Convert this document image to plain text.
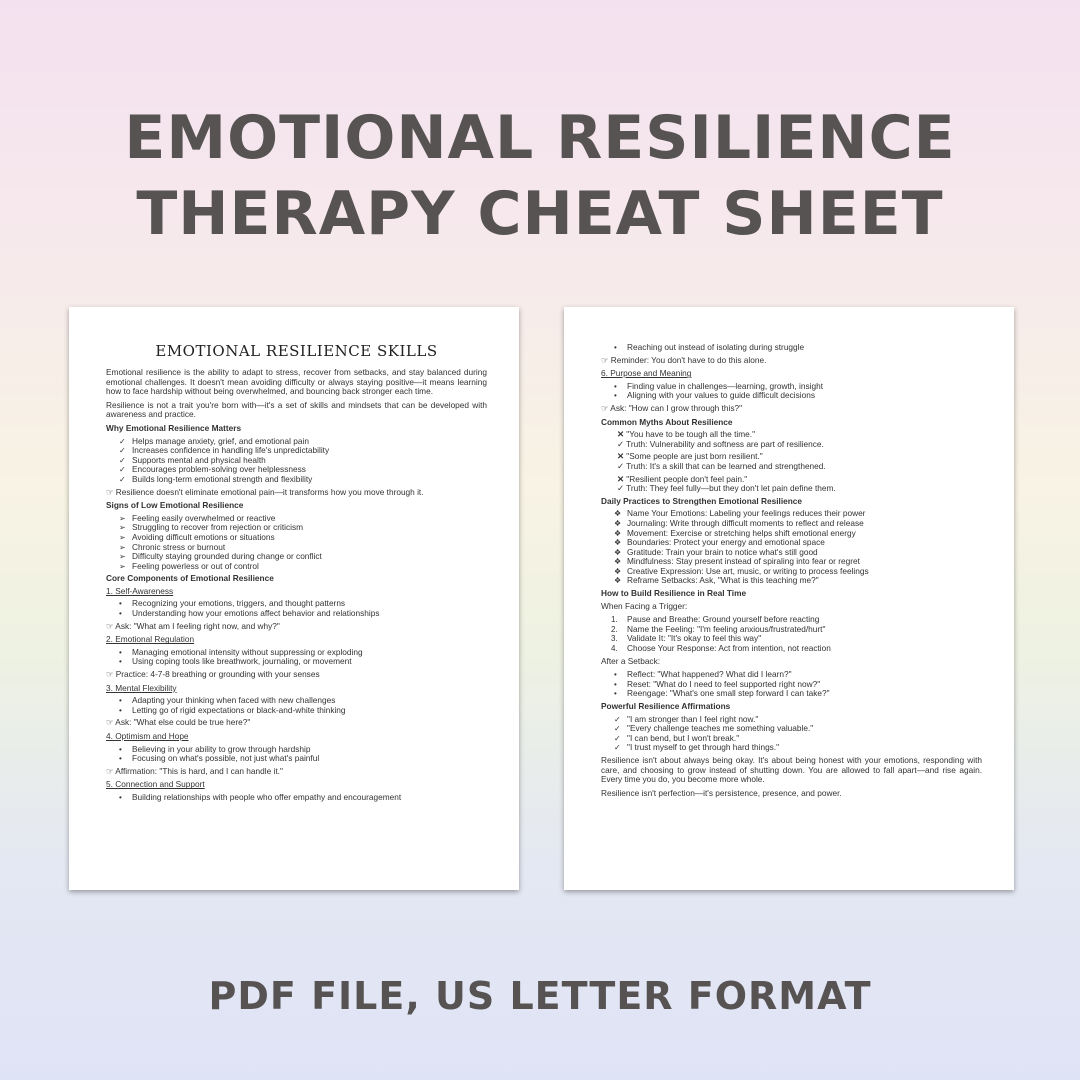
EMOTIONAL RESILIENCE
THERAPY CHEAT SHEET
EMOTIONAL RESILIENCE SKILLS

Emotional resilience is the ability to adapt to stress, recover from setbacks, and stay balanced during emotional challenges. It doesn't mean avoiding difficulty or always staying positive—it means learning how to face hardship without being overwhelmed, and bouncing back stronger each time.

Resilience is not a trait you're born with—it's a set of skills and mindsets that can be developed with awareness and practice.

Why Emotional Resilience Matters
✓ Helps manage anxiety, grief, and emotional pain
✓ Increases confidence in handling life's unpredictability
✓ Supports mental and physical health
✓ Encourages problem-solving over helplessness
✓ Builds long-term emotional strength and flexibility
☞ Resilience doesn't eliminate emotional pain—it transforms how you move through it.
Signs of Low Emotional Resilience
➢ Feeling easily overwhelmed or reactive
➢ Struggling to recover from rejection or criticism
➢ Avoiding difficult emotions or situations
➢ Chronic stress or burnout
➢ Difficulty staying grounded during change or conflict
➢ Feeling powerless or out of control
Core Components of Emotional Resilience
1. Self-Awareness
•	Recognizing your emotions, triggers, and thought patterns
•	Understanding how your emotions affect behavior and relationships
☞ Ask: "What am I feeling right now, and why?"
2. Emotional Regulation
•	Managing emotional intensity without suppressing or exploding
•	Using coping tools like breathwork, journaling, or movement
☞ Practice: 4-7-8 breathing or grounding with your senses
3. Mental Flexibility
•	Adapting your thinking when faced with new challenges
•	Letting go of rigid expectations or black-and-white thinking
☞ Ask: "What else could be true here?"
4. Optimism and Hope
•	Believing in your ability to grow through hardship
•	Focusing on what's possible, not just what's painful
☞ Affirmation: "This is hard, and I can handle it."
5. Connection and Support
•	Building relationships with people who offer empathy and encouragement
•	Reaching out instead of isolating during struggle
☞ Reminder: You don't have to do this alone.
6. Purpose and Meaning
•	Finding value in challenges—learning, growth, insight
•	Aligning with your values to guide difficult decisions
☞ Ask: "How can I grow through this?"
Common Myths About Resilience
✕ "You have to be tough all the time."
✓ Truth: Vulnerability and softness are part of resilience.
✕ "Some people are just born resilient."
✓ Truth: It's a skill that can be learned and strengthened.
✕ "Resilient people don't feel pain."
✓ Truth: They feel fully—but they don't let pain define them.
Daily Practices to Strengthen Emotional Resilience
❖ Name Your Emotions: Labeling your feelings reduces their power
❖ Journaling: Write through difficult moments to reflect and release
❖ Movement: Exercise or stretching helps shift emotional energy
❖ Boundaries: Protect your energy and emotional space
❖ Gratitude: Train your brain to notice what's still good
❖ Mindfulness: Stay present instead of spiraling into fear or regret
❖ Creative Expression: Use art, music, or writing to process feelings
❖ Reframe Setbacks: Ask, "What is this teaching me?"
How to Build Resilience in Real Time
When Facing a Trigger:
1.	Pause and Breathe: Ground yourself before reacting
2.	Name the Feeling: "I'm feeling anxious/frustrated/hurt"
3.	Validate It: "It's okay to feel this way"
4.	Choose Your Response: Act from intention, not reaction
After a Setback:
•	Reflect: "What happened? What did I learn?"
•	Reset: "What do I need to feel supported right now?"
•	Reengage: "What's one small step forward I can take?"
Powerful Resilience Affirmations
✓ "I am stronger than I feel right now."
✓ "Every challenge teaches me something valuable."
✓ "I can bend, but I won't break."
✓ "I trust myself to get through hard things."

Resilience isn't about always being okay. It's about being honest with your emotions, responding with care, and choosing to grow instead of shutting down. You are allowed to fall apart—and rise again. Every time you do, you become more whole.

Resilience isn't perfection—it's persistence, presence, and power.

PDF FILE, US LETTER FORMAT
